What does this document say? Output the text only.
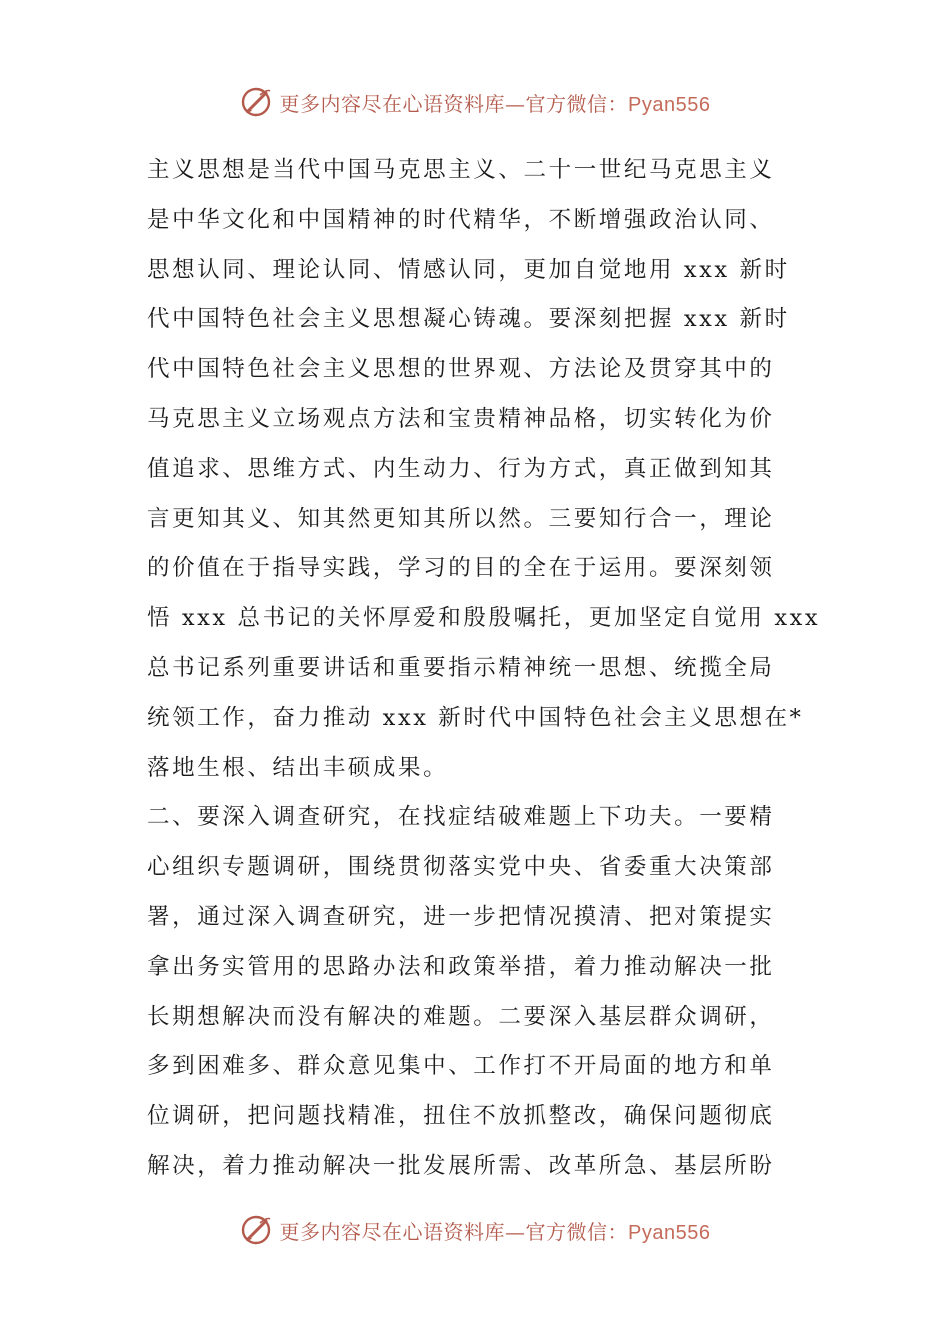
更多内容尽在心语资料库—官方微信：Pyan556
主义思想是当代中国马克思主义、二十一世纪马克思主义
是中华文化和中国精神的时代精华，不断增强政治认同、
思想认同、理论认同、情感认同，更加自觉地用 xxx 新时
代中国特色社会主义思想凝心铸魂。要深刻把握 xxx 新时
代中国特色社会主义思想的世界观、方法论及贯穿其中的
马克思主义立场观点方法和宝贵精神品格，切实转化为价
值追求、思维方式、内生动力、行为方式，真正做到知其
言更知其义、知其然更知其所以然。三要知行合一，理论
的价值在于指导实践，学习的目的全在于运用。要深刻领
悟 xxx 总书记的关怀厚爱和殷殷嘱托，更加坚定自觉用 xxx
总书记系列重要讲话和重要指示精神统一思想、统揽全局
统领工作，奋力推动 xxx 新时代中国特色社会主义思想在*
落地生根、结出丰硕成果。
二、要深入调查研究，在找症结破难题上下功夫。一要精
心组织专题调研，围绕贯彻落实党中央、省委重大决策部
署，通过深入调查研究，进一步把情况摸清、把对策提实
拿出务实管用的思路办法和政策举措，着力推动解决一批
长期想解决而没有解决的难题。二要深入基层群众调研，
多到困难多、群众意见集中、工作打不开局面的地方和单
位调研，把问题找精准，扭住不放抓整改，确保问题彻底
解决，着力推动解决一批发展所需、改革所急、基层所盼
更多内容尽在心语资料库—官方微信：Pyan556
